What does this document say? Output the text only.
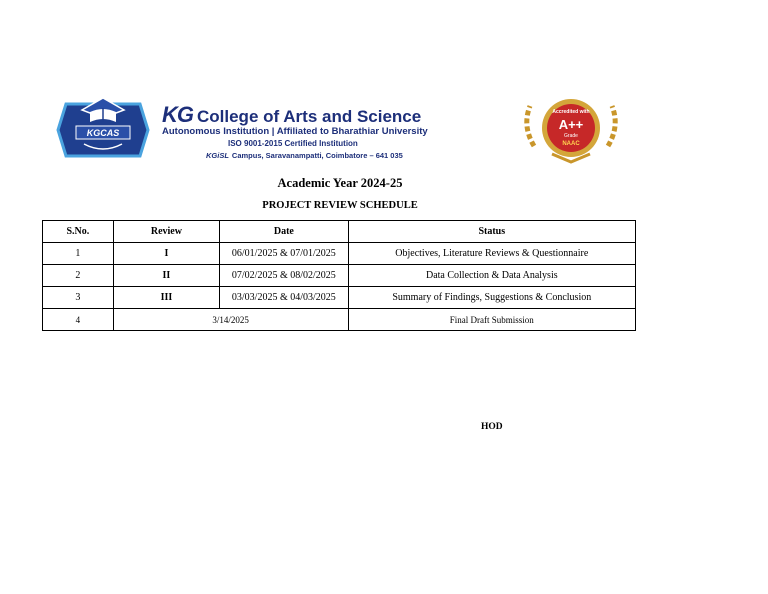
KGCAS
KG College of Arts and Science
Autonomous Institution | Affiliated to Bharathiar University
ISO 9001-2015 Certified Institution
KGiSL Campus, Saravanampatti, Coimbatore – 641 035
Accredited with
A++
Grade
NAAC
Academic Year 2024-25
PROJECT REVIEW SCHEDULE
S.No.	Review	Date	Status
1	I	06/01/2025 & 07/01/2025	Objectives, Literature Reviews & Questionnaire
2	II	07/02/2025 & 08/02/2025	Data Collection & Data Analysis
3	III	03/03/2025 & 04/03/2025	Summary of Findings, Suggestions & Conclusion
4	3/14/2025		Final Draft Submission
HOD
